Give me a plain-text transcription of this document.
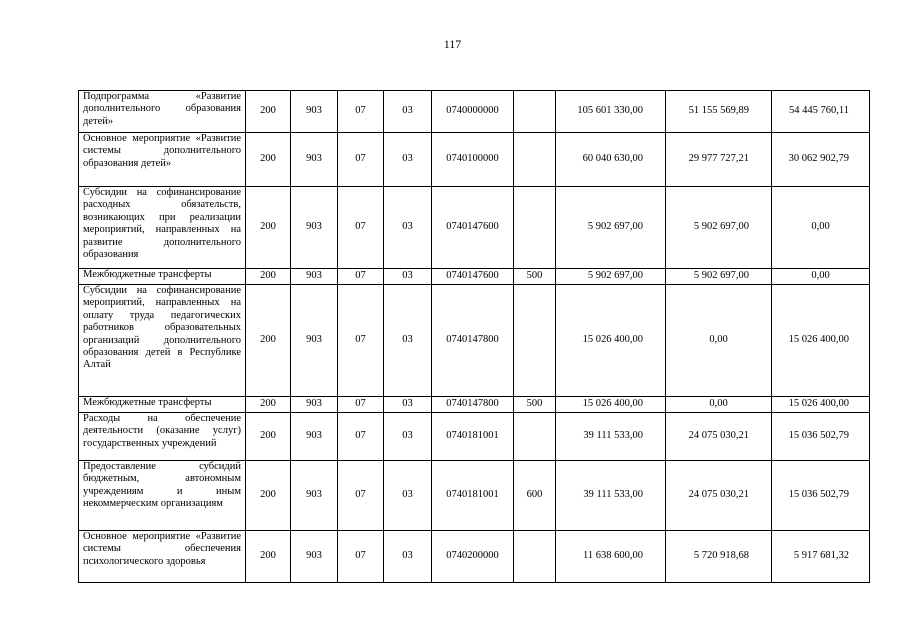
117
Подпрограмма «Развитие дополнительного образования детей»	200	903	07	03	0740000000		105 601 330,00	51 155 569,89	54 445 760,11
Основное мероприятие «Развитие системы дополнительного образования детей»	200	903	07	03	0740100000		60 040 630,00	29 977 727,21	30 062 902,79
Субсидии на софинансирование расходных обязательств, возникающих при реализации мероприятий, направленных на развитие дополнительного образования	200	903	07	03	0740147600		5 902 697,00	5 902 697,00	0,00
Межбюджетные трансферты	200	903	07	03	0740147600	500	5 902 697,00	5 902 697,00	0,00
Субсидии на софинансирование мероприятий, направленных на оплату труда педагогических работников образовательных организаций дополнительного образования детей в Республике Алтай	200	903	07	03	0740147800		15 026 400,00	0,00	15 026 400,00
Межбюджетные трансферты	200	903	07	03	0740147800	500	15 026 400,00	0,00	15 026 400,00
Расходы на обеспечение деятельности (оказание услуг) государственных учреждений	200	903	07	03	0740181001		39 111 533,00	24 075 030,21	15 036 502,79
Предоставление субсидий бюджетным, автономным учреждениям и иным некоммерческим организациям	200	903	07	03	0740181001	600	39 111 533,00	24 075 030,21	15 036 502,79
Основное мероприятие «Развитие системы обеспечения психологического здоровья	200	903	07	03	0740200000		11 638 600,00	5 720 918,68	5 917 681,32
